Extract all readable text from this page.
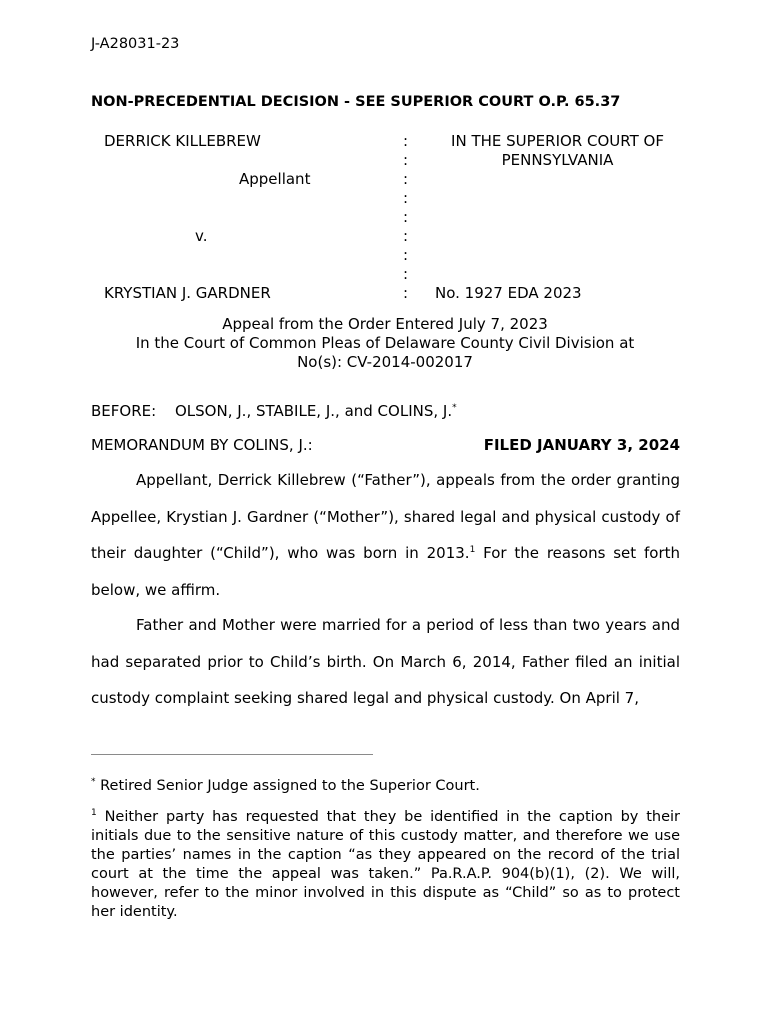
J-A28031-23
NON-PRECEDENTIAL DECISION - SEE SUPERIOR COURT O.P. 65.37
DERRICK KILLEBREW
Appellant
v.
KRYSTIAN J. GARDNER
:
:
:
:
:
:
:
:
:
IN THE SUPERIOR COURT OF
PENNSYLVANIA
No. 1927 EDA 2023
Appeal from the Order Entered July 7, 2023
In the Court of Common Pleas of Delaware County Civil Division at
No(s): CV-2014-002017
BEFORE: OLSON, J., STABILE, J., and COLINS, J.*
MEMORANDUM BY COLINS, J.:	FILED JANUARY 3, 2024
Appellant, Derrick Killebrew (“Father”), appeals from the order granting Appellee, Krystian J. Gardner (“Mother”), shared legal and physical custody of their daughter (“Child”), who was born in 2013.$^1$ For the reasons set forth below, we affirm.
Father and Mother were married for a period of less than two years and had separated prior to Child’s birth. On March 6, 2014, Father filed an initial custody complaint seeking shared legal and physical custody. On April 7,
* Retired Senior Judge assigned to the Superior Court.
$^1$ Neither party has requested that they be identified in the caption by their initials due to the sensitive nature of this custody matter, and therefore we use the parties’ names in the caption “as they appeared on the record of the trial court at the time the appeal was taken.” Pa.R.A.P. 904(b)(1), (2). We will, however, refer to the minor involved in this dispute as “Child” so as to protect her identity.
